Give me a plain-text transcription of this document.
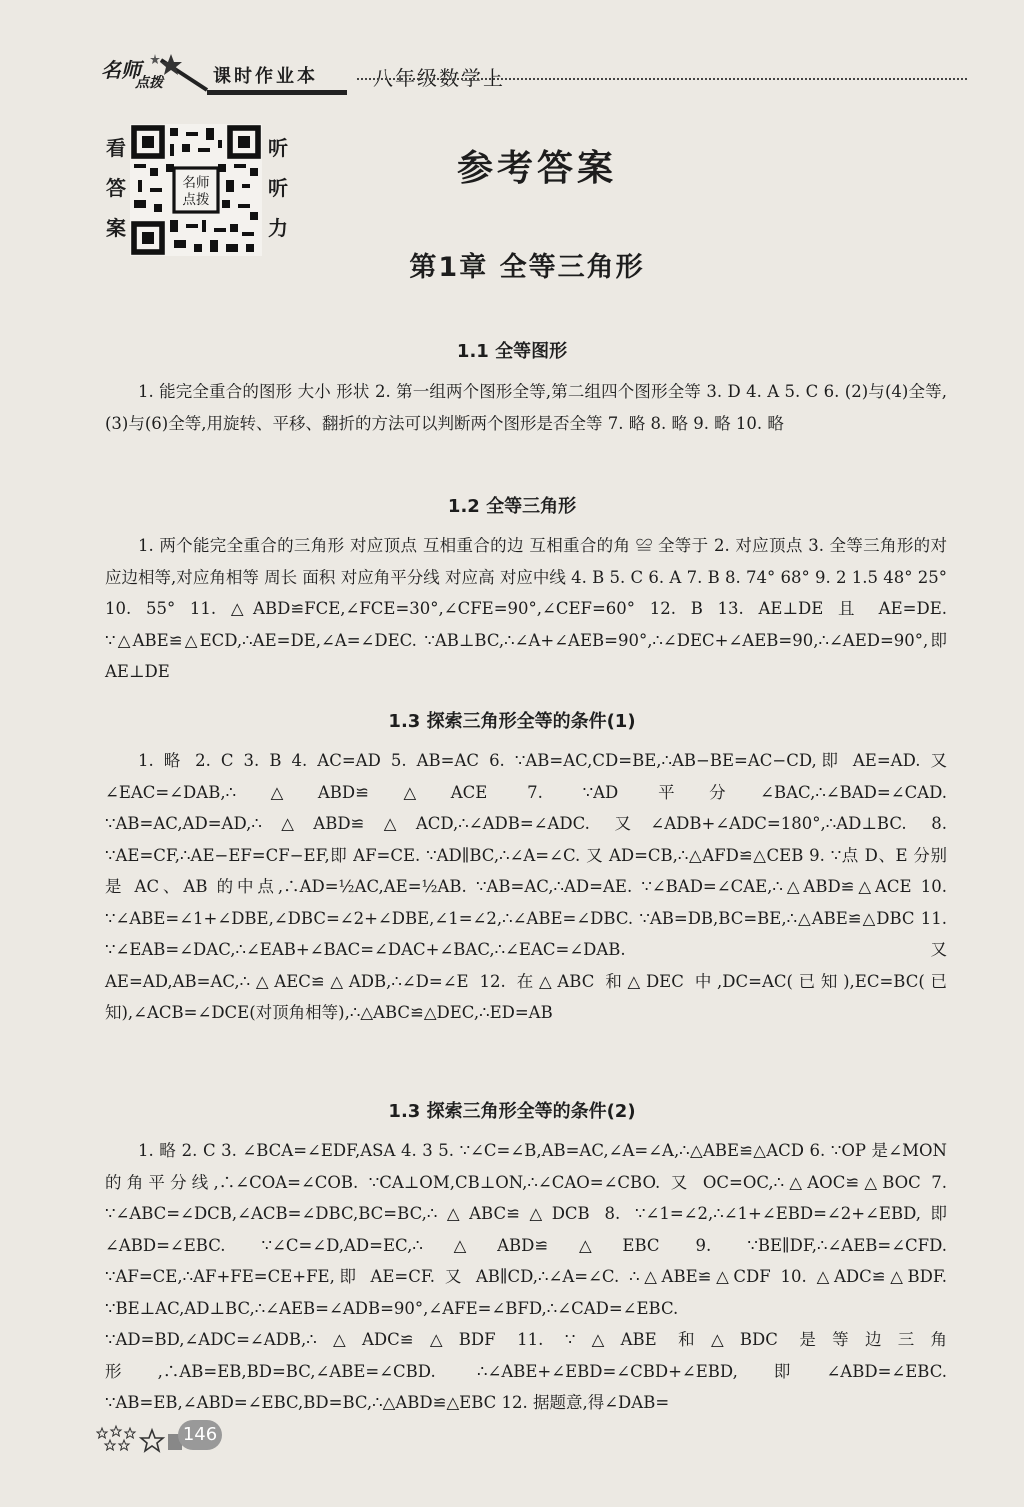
名师
点拨	课时作业本	八年级数学上
看
答
案
名师
点拨
听
听
力
参考答案
第1章 全等三角形
1.1 全等图形

1. 能完全重合的图形 大小 形状 2. 第一组两个图形全等,第二组四个图形全等 3. D 4. A 5. C 6. (2)与(4)全等,(3)与(6)全等,用旋转、平移、翻折的方法可以判断两个图形是否全等 7. 略 8. 略 9. 略 10. 略

1.2 全等三角形

1. 两个能完全重合的三角形 对应顶点 互相重合的边 互相重合的角 ≌ 全等于 2. 对应顶点 3. 全等三角形的对应边相等,对应角相等 周长 面积 对应角平分线 对应高 对应中线 4. B 5. C 6. A 7. B 8. 74° 68° 9. 2 1.5 48° 25° 10. 55° 11. △ABD≌FCE,∠FCE=30°,∠CFE=90°,∠CEF=60° 12. B 13. AE⊥DE 且 AE=DE. ∵△ABE≌△ECD,∴AE=DE,∠A=∠DEC. ∵AB⊥BC,∴∠A+∠AEB=90°,∴∠DEC+∠AEB=90,∴∠AED=90°,即 AE⊥DE

1.3 探索三角形全等的条件(1)

1. 略 2. C 3. B 4. AC=AD 5. AB=AC 6. ∵AB=AC,CD=BE,∴AB−BE=AC−CD,即 AE=AD. 又∠EAC=∠DAB,∴△ABD≌△ACE 7. ∵AD 平分∠BAC,∴∠BAD=∠CAD. ∵AB=AC,AD=AD,∴△ABD≌△ACD,∴∠ADB=∠ADC. 又∠ADB+∠ADC=180°,∴AD⊥BC. 8. ∵AE=CF,∴AE−EF=CF−EF,即 AF=CE. ∵AD∥BC,∴∠A=∠C. 又 AD=CB,∴△AFD≌△CEB 9. ∵点 D、E 分别是 AC、AB 的中点,∴AD=½AC,AE=½AB. ∵AB=AC,∴AD=AE. ∵∠BAD=∠CAE,∴△ABD≌△ACE 10. ∵∠ABE=∠1+∠DBE,∠DBC=∠2+∠DBE,∠1=∠2,∴∠ABE=∠DBC. ∵AB=DB,BC=BE,∴△ABE≌△DBC 11. ∵∠EAB=∠DAC,∴∠EAB+∠BAC=∠DAC+∠BAC,∴∠EAC=∠DAB. 又 AE=AD,AB=AC,∴△AEC≌△ADB,∴∠D=∠E 12. 在△ABC 和△DEC 中,DC=AC(已知),EC=BC(已知),∠ACB=∠DCE(对顶角相等),∴△ABC≌△DEC,∴ED=AB

1.3 探索三角形全等的条件(2)

1. 略 2. C 3. ∠BCA=∠EDF,ASA 4. 3 5. ∵∠C=∠B,AB=AC,∠A=∠A,∴△ABE≌△ACD 6. ∵OP 是∠MON 的角平分线,∴∠COA=∠COB. ∵CA⊥OM,CB⊥ON,∴∠CAO=∠CBO. 又 OC=OC,∴△AOC≌△BOC 7. ∵∠ABC=∠DCB,∠ACB=∠DBC,BC=BC,∴△ABC≌△DCB 8. ∵∠1=∠2,∴∠1+∠EBD=∠2+∠EBD,即∠ABD=∠EBC. ∵∠C=∠D,AD=EC,∴△ABD≌△EBC 9. ∵BE∥DF,∴∠AEB=∠CFD. ∵AF=CE,∴AF+FE=CE+FE,即 AE=CF. 又 AB∥CD,∴∠A=∠C. ∴△ABE≌△CDF 10. △ADC≌△BDF. ∵BE⊥AC,AD⊥BC,∴∠AEB=∠ADB=90°,∠AFE=∠BFD,∴∠CAD=∠EBC. ∵AD=BD,∠ADC=∠ADB,∴△ADC≌△BDF 11. ∵△ABE 和△BDC 是等边三角形,∴AB=EB,BD=BC,∠ABE=∠CBD. ∴∠ABE+∠EBD=∠CBD+∠EBD,即∠ABD=∠EBC. ∵AB=EB,∠ABD=∠EBC,BD=BC,∴△ABD≌△EBC 12. 据题意,得∠DAB=

146
